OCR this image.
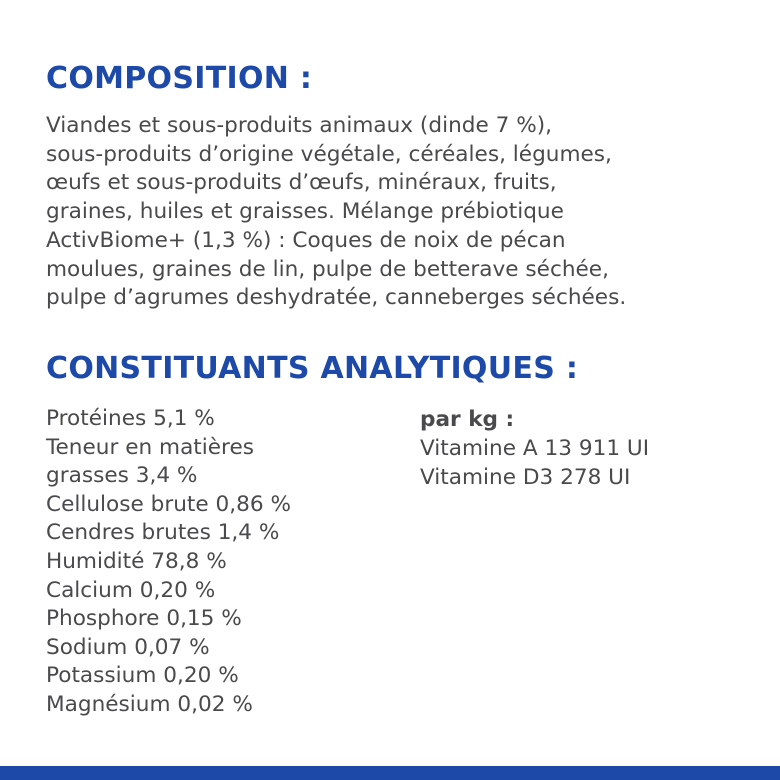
COMPOSITION :

Viandes et sous-produits animaux (dinde 7 %),
sous-produits d’origine végétale, céréales, légumes,
œufs et sous-produits d’œufs, minéraux, fruits,
graines, huiles et graisses. Mélange prébiotique
ActivBiome+ (1,3 %) : Coques de noix de pécan
moulues, graines de lin, pulpe de betterave séchée,
pulpe d’agrumes deshydratée, canneberges séchées.

CONSTITUANTS ANALYTIQUES :
Protéines 5,1 %
Teneur en matières
grasses 3,4 %
Cellulose brute 0,86 %
Cendres brutes 1,4 %
Humidité 78,8 %
Calcium 0,20 %
Phosphore 0,15 %
Sodium 0,07 %
Potassium 0,20 %
Magnésium 0,02 %
par kg :
Vitamine A 13 911 UI
Vitamine D3 278 UI
